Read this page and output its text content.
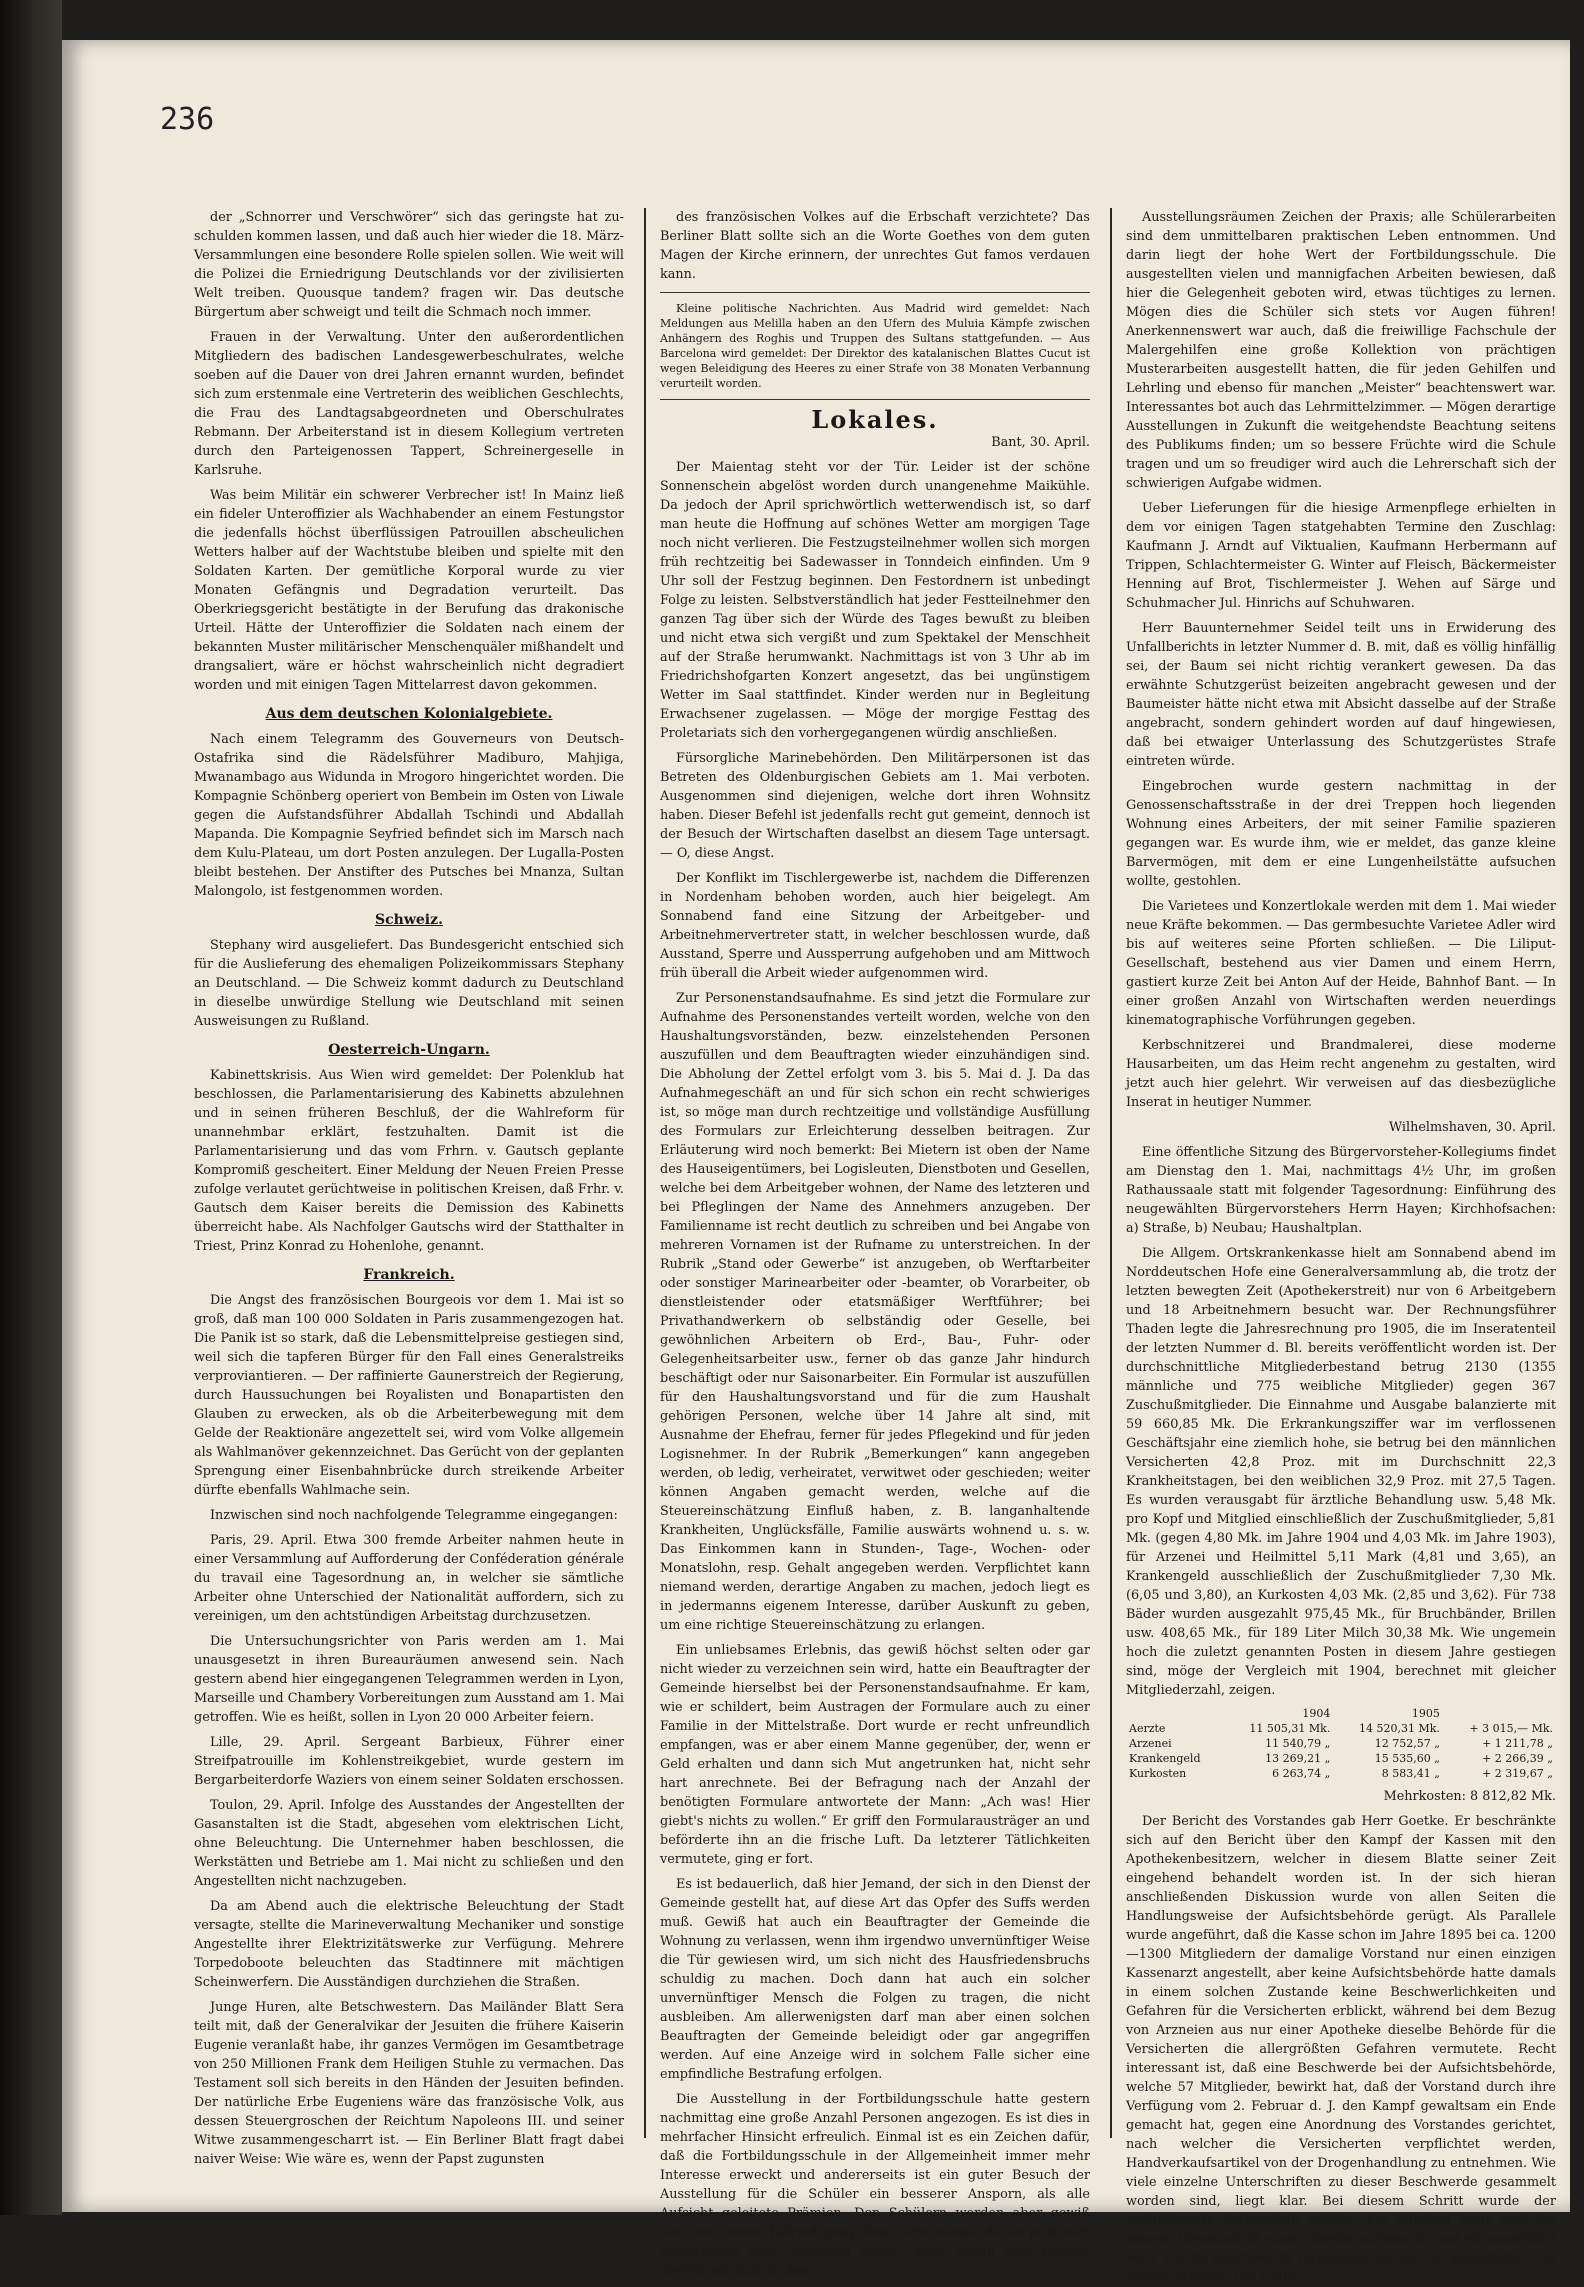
236

der „Schnorrer und Verschwörer“ sich das geringste hat zu-schulden kommen lassen, und daß auch hier wieder die 18. März-Versammlungen eine besondere Rolle spielen sollen. Wie weit will die Polizei die Erniedrigung Deutschlands vor der zivilisierten Welt treiben. Quousque tandem? fragen wir. Das deutsche Bürgertum aber schweigt und teilt die Schmach noch immer.

Frauen in der Verwaltung. Unter den außerordentlichen Mitgliedern des badischen Landesgewerbeschulrates, welche soeben auf die Dauer von drei Jahren ernannt wurden, befindet sich zum erstenmale eine Vertreterin des weiblichen Geschlechts, die Frau des Landtagsabgeordneten und Oberschulrates Rebmann. Der Arbeiterstand ist in diesem Kollegium vertreten durch den Parteigenossen Tappert, Schreinergeselle in Karlsruhe.

Was beim Militär ein schwerer Verbrecher ist! In Mainz ließ ein fideler Unteroffizier als Wachhabender an einem Festungstor die jedenfalls höchst überflüssigen Patrouillen abscheulichen Wetters halber auf der Wachtstube bleiben und spielte mit den Soldaten Karten. Der gemütliche Korporal wurde zu vier Monaten Gefängnis und Degradation verurteilt. Das Oberkriegsgericht bestätigte in der Berufung das drakonische Urteil. Hätte der Unteroffizier die Soldaten nach einem der bekannten Muster militärischer Menschenquäler mißhandelt und drangsaliert, wäre er höchst wahrscheinlich nicht degradiert worden und mit einigen Tagen Mittelarrest davon gekommen.

Aus dem deutschen Kolonialgebiete.

Nach einem Telegramm des Gouverneurs von Deutsch-Ostafrika sind die Rädelsführer Madiburo, Mahjiga, Mwanambago aus Widunda in Mrogoro hingerichtet worden. Die Kompagnie Schönberg operiert von Bembein im Osten von Liwale gegen die Aufstandsführer Abdallah Tschindi und Abdallah Mapanda. Die Kompagnie Seyfried befindet sich im Marsch nach dem Kulu-Plateau, um dort Posten anzulegen. Der Lugalla-Posten bleibt bestehen. Der Anstifter des Putsches bei Mnanza, Sultan Malongolo, ist festgenommen worden.

Schweiz.

Stephany wird ausgeliefert. Das Bundesgericht entschied sich für die Auslieferung des ehemaligen Polizeikommissars Stephany an Deutschland. — Die Schweiz kommt dadurch zu Deutschland in dieselbe unwürdige Stellung wie Deutschland mit seinen Ausweisungen zu Rußland.

Oesterreich-Ungarn.

Kabinettskrisis. Aus Wien wird gemeldet: Der Polenklub hat beschlossen, die Parlamentarisierung des Kabinetts abzulehnen und in seinen früheren Beschluß, der die Wahlreform für unannehmbar erklärt, festzuhalten. Damit ist die Parlamentarisierung und das vom Frhrn. v. Gautsch geplante Kompromiß gescheitert. Einer Meldung der Neuen Freien Presse zufolge verlautet gerüchtweise in politischen Kreisen, daß Frhr. v. Gautsch dem Kaiser bereits die Demission des Kabinetts überreicht habe. Als Nachfolger Gautschs wird der Statthalter in Triest, Prinz Konrad zu Hohenlohe, genannt.

Frankreich.

Die Angst des französischen Bourgeois vor dem 1. Mai ist so groß, daß man 100 000 Soldaten in Paris zusammengezogen hat. Die Panik ist so stark, daß die Lebensmittelpreise gestiegen sind, weil sich die tapferen Bürger für den Fall eines Generalstreiks verproviantieren. — Der raffinierte Gaunerstreich der Regierung, durch Haussuchungen bei Royalisten und Bonapartisten den Glauben zu erwecken, als ob die Arbeiterbewegung mit dem Gelde der Reaktionäre angezettelt sei, wird vom Volke allgemein als Wahlmanöver gekennzeichnet. Das Gerücht von der geplanten Sprengung einer Eisenbahnbrücke durch streikende Arbeiter dürfte ebenfalls Wahlmache sein.

Inzwischen sind noch nachfolgende Telegramme eingegangen:

Paris, 29. April. Etwa 300 fremde Arbeiter nahmen heute in einer Versammlung auf Aufforderung der Conféderation générale du travail eine Tagesordnung an, in welcher sie sämtliche Arbeiter ohne Unterschied der Nationalität auffordern, sich zu vereinigen, um den achtstündigen Arbeitstag durchzusetzen.

Die Untersuchungsrichter von Paris werden am 1. Mai unausgesetzt in ihren Bureauräumen anwesend sein. Nach gestern abend hier eingegangenen Telegrammen werden in Lyon, Marseille und Chambery Vorbereitungen zum Ausstand am 1. Mai getroffen. Wie es heißt, sollen in Lyon 20 000 Arbeiter feiern.

Lille, 29. April. Sergeant Barbieux, Führer einer Streifpatrouille im Kohlenstreikgebiet, wurde gestern im Bergarbeiterdorfe Waziers von einem seiner Soldaten erschossen.

Toulon, 29. April. Infolge des Ausstandes der Angestellten der Gasanstalten ist die Stadt, abgesehen vom elektrischen Licht, ohne Beleuchtung. Die Unternehmer haben beschlossen, die Werkstätten und Betriebe am 1. Mai nicht zu schließen und den Angestellten nicht nachzugeben.

Da am Abend auch die elektrische Beleuchtung der Stadt versagte, stellte die Marineverwaltung Mechaniker und sonstige Angestellte ihrer Elektrizitätswerke zur Verfügung. Mehrere Torpedoboote beleuchten das Stadtinnere mit mächtigen Scheinwerfern. Die Ausständigen durchziehen die Straßen.

Junge Huren, alte Betschwestern. Das Mailänder Blatt Sera teilt mit, daß der Generalvikar der Jesuiten die frühere Kaiserin Eugenie veranlaßt habe, ihr ganzes Vermögen im Gesamtbetrage von 250 Millionen Frank dem Heiligen Stuhle zu vermachen. Das Testament soll sich bereits in den Händen der Jesuiten befinden. Der natürliche Erbe Eugeniens wäre das französische Volk, aus dessen Steuergroschen der Reichtum Napoleons III. und seiner Witwe zusammengescharrt ist. — Ein Berliner Blatt fragt dabei naiver Weise: Wie wäre es, wenn der Papst zugunsten

des französischen Volkes auf die Erbschaft verzichtete? Das Berliner Blatt sollte sich an die Worte Goethes von dem guten Magen der Kirche erinnern, der unrechtes Gut famos verdauen kann.

Kleine politische Nachrichten. Aus Madrid wird gemeldet: Nach Meldungen aus Melilla haben an den Ufern des Muluia Kämpfe zwischen Anhängern des Roghis und Truppen des Sultans stattgefunden. — Aus Barcelona wird gemeldet: Der Direktor des katalanischen Blattes Cucut ist wegen Beleidigung des Heeres zu einer Strafe von 38 Monaten Verbannung verurteilt worden.

Lokales.
Bant, 30. April.

Der Maientag steht vor der Tür. Leider ist der schöne Sonnenschein abgelöst worden durch unangenehme Maikühle. Da jedoch der April sprichwörtlich wetterwendisch ist, so darf man heute die Hoffnung auf schönes Wetter am morgigen Tage noch nicht verlieren. Die Festzugsteilnehmer wollen sich morgen früh rechtzeitig bei Sadewasser in Tonndeich einfinden. Um 9 Uhr soll der Festzug beginnen. Den Festordnern ist unbedingt Folge zu leisten. Selbstverständlich hat jeder Festteilnehmer den ganzen Tag über sich der Würde des Tages bewußt zu bleiben und nicht etwa sich vergißt und zum Spektakel der Menschheit auf der Straße herumwankt. Nachmittags ist von 3 Uhr ab im Friedrichshofgarten Konzert angesetzt, das bei ungünstigem Wetter im Saal stattfindet. Kinder werden nur in Begleitung Erwachsener zugelassen. — Möge der morgige Festtag des Proletariats sich den vorhergegangenen würdig anschließen.

Fürsorgliche Marinebehörden. Den Militärpersonen ist das Betreten des Oldenburgischen Gebiets am 1. Mai verboten. Ausgenommen sind diejenigen, welche dort ihren Wohnsitz haben. Dieser Befehl ist jedenfalls recht gut gemeint, dennoch ist der Besuch der Wirtschaften daselbst an diesem Tage untersagt. — O, diese Angst.

Der Konflikt im Tischlergewerbe ist, nachdem die Differenzen in Nordenham behoben worden, auch hier beigelegt. Am Sonnabend fand eine Sitzung der Arbeitgeber- und Arbeitnehmervertreter statt, in welcher beschlossen wurde, daß Ausstand, Sperre und Aussperrung aufgehoben und am Mittwoch früh überall die Arbeit wieder aufgenommen wird.

Zur Personenstandsaufnahme. Es sind jetzt die Formulare zur Aufnahme des Personenstandes verteilt worden, welche von den Haushaltungsvorständen, bezw. einzelstehenden Personen auszufüllen und dem Beauftragten wieder einzuhändigen sind. Die Abholung der Zettel erfolgt vom 3. bis 5. Mai d. J. Da das Aufnahmegeschäft an und für sich schon ein recht schwieriges ist, so möge man durch rechtzeitige und vollständige Ausfüllung des Formulars zur Erleichterung desselben beitragen. Zur Erläuterung wird noch bemerkt: Bei Mietern ist oben der Name des Hauseigentümers, bei Logisleuten, Dienstboten und Gesellen, welche bei dem Arbeitgeber wohnen, der Name des letzteren und bei Pfleglingen der Name des Annehmers anzugeben. Der Familienname ist recht deutlich zu schreiben und bei Angabe von mehreren Vornamen ist der Rufname zu unterstreichen. In der Rubrik „Stand oder Gewerbe“ ist anzugeben, ob Werftarbeiter oder sonstiger Marinearbeiter oder -beamter, ob Vorarbeiter, ob dienstleistender oder etatsmäßiger Werftführer; bei Privathandwerkern ob selbständig oder Geselle, bei gewöhnlichen Arbeitern ob Erd-, Bau-, Fuhr- oder Gelegenheitsarbeiter usw., ferner ob das ganze Jahr hindurch beschäftigt oder nur Saisonarbeiter. Ein Formular ist auszufüllen für den Haushaltungsvorstand und für die zum Haushalt gehörigen Personen, welche über 14 Jahre alt sind, mit Ausnahme der Ehefrau, ferner für jedes Pflegekind und für jeden Logisnehmer. In der Rubrik „Bemerkungen“ kann angegeben werden, ob ledig, verheiratet, verwitwet oder geschieden; weiter können Angaben gemacht werden, welche auf die Steuereinschätzung Einfluß haben, z. B. langanhaltende Krankheiten, Unglücksfälle, Familie auswärts wohnend u. s. w. Das Einkommen kann in Stunden-, Tage-, Wochen- oder Monatslohn, resp. Gehalt angegeben werden. Verpflichtet kann niemand werden, derartige Angaben zu machen, jedoch liegt es in jedermanns eigenem Interesse, darüber Auskunft zu geben, um eine richtige Steuereinschätzung zu erlangen.

Ein unliebsames Erlebnis, das gewiß höchst selten oder gar nicht wieder zu verzeichnen sein wird, hatte ein Beauftragter der Gemeinde hierselbst bei der Personenstandsaufnahme. Er kam, wie er schildert, beim Austragen der Formulare auch zu einer Familie in der Mittelstraße. Dort wurde er recht unfreundlich empfangen, was er aber einem Manne gegenüber, der, wenn er Geld erhalten und dann sich Mut angetrunken hat, nicht sehr hart anrechnete. Bei der Befragung nach der Anzahl der benötigten Formulare antwortete der Mann: „Ach was! Hier giebt's nichts zu wollen.“ Er griff den Formularausträger an und beförderte ihn an die frische Luft. Da letzterer Tätlichkeiten vermutete, ging er fort.

Es ist bedauerlich, daß hier Jemand, der sich in den Dienst der Gemeinde gestellt hat, auf diese Art das Opfer des Suffs werden muß. Gewiß hat auch ein Beauftragter der Gemeinde die Wohnung zu verlassen, wenn ihm irgendwo unvernünftiger Weise die Tür gewiesen wird, um sich nicht des Hausfriedensbruchs schuldig zu machen. Doch dann hat auch ein solcher unvernünftiger Mensch die Folgen zu tragen, die nicht ausbleiben. Am allerwenigsten darf man aber einen solchen Beauftragten der Gemeinde beleidigt oder gar angegriffen werden. Auf eine Anzeige wird in solchem Falle sicher eine empfindliche Bestrafung erfolgen.

Die Ausstellung in der Fortbildungsschule hatte gestern nachmittag eine große Anzahl Personen angezogen. Es ist dies in mehrfacher Hinsicht erfreulich. Einmal ist es ein Zeichen dafür, daß die Fortbildungsschule in der Allgemeinheit immer mehr Interesse erweckt und andererseits ist ein guter Besuch der Ausstellung für die Schüler ein besserer Ansporn, als alle Aufsicht geleitete Prämien. Den Schülern werden aber gewiß auch mit immer Befriedigung diese Schulräume, die so praktisch eingerichtet sind, verlassen haben, denn wohin man blickte, überall sah man in den

Ausstellungsräumen Zeichen der Praxis; alle Schülerarbeiten sind dem unmittelbaren praktischen Leben entnommen. Und darin liegt der hohe Wert der Fortbildungsschule. Die ausgestellten vielen und mannigfachen Arbeiten bewiesen, daß hier die Gelegenheit geboten wird, etwas tüchtiges zu lernen. Mögen dies die Schüler sich stets vor Augen führen! Anerkennenswert war auch, daß die freiwillige Fachschule der Malergehilfen eine große Kollektion von prächtigen Musterarbeiten ausgestellt hatten, die für jeden Gehilfen und Lehrling und ebenso für manchen „Meister“ beachtenswert war. Interessantes bot auch das Lehrmittelzimmer. — Mögen derartige Ausstellungen in Zukunft die weitgehendste Beachtung seitens des Publikums finden; um so bessere Früchte wird die Schule tragen und um so freudiger wird auch die Lehrerschaft sich der schwierigen Aufgabe widmen.

Ueber Lieferungen für die hiesige Armenpflege erhielten in dem vor einigen Tagen statgehabten Termine den Zuschlag: Kaufmann J. Arndt auf Viktualien, Kaufmann Herbermann auf Trippen, Schlachtermeister G. Winter auf Fleisch, Bäckermeister Henning auf Brot, Tischlermeister J. Wehen auf Särge und Schuhmacher Jul. Hinrichs auf Schuhwaren.

Herr Bauunternehmer Seidel teilt uns in Erwiderung des Unfallberichts in letzter Nummer d. B. mit, daß es völlig hinfällig sei, der Baum sei nicht richtig verankert gewesen. Da das erwähnte Schutzgerüst beizeiten angebracht gewesen und der Baumeister hätte nicht etwa mit Absicht dasselbe auf der Straße angebracht, sondern gehindert worden auf dauf hingewiesen, daß bei etwaiger Unterlassung des Schutzgerüstes Strafe eintreten würde.

Eingebrochen wurde gestern nachmittag in der Genossenschaftsstraße in der drei Treppen hoch liegenden Wohnung eines Arbeiters, der mit seiner Familie spazieren gegangen war. Es wurde ihm, wie er meldet, das ganze kleine Barvermögen, mit dem er eine Lungenheilstätte aufsuchen wollte, gestohlen.

Die Varietees und Konzertlokale werden mit dem 1. Mai wieder neue Kräfte bekommen. — Das germbesuchte Varietee Adler wird bis auf weiteres seine Pforten schließen. — Die Liliput-Gesellschaft, bestehend aus vier Damen und einem Herrn, gastiert kurze Zeit bei Anton Auf der Heide, Bahnhof Bant. — In einer großen Anzahl von Wirtschaften werden neuerdings kinematographische Vorführungen gegeben.

Kerbschnitzerei und Brandmalerei, diese moderne Hausarbeiten, um das Heim recht angenehm zu gestalten, wird jetzt auch hier gelehrt. Wir verweisen auf das diesbezügliche Inserat in heutiger Nummer.

Wilhelmshaven, 30. April.

Eine öffentliche Sitzung des Bürgervorsteher-Kollegiums findet am Dienstag den 1. Mai, nachmittags 4½ Uhr, im großen Rathaussaale statt mit folgender Tagesordnung: Einführung des neugewählten Bürgervorstehers Herrn Hayen; Kirchhofsachen: a) Straße, b) Neubau; Haushaltplan.

Die Allgem. Ortskrankenkasse hielt am Sonnabend abend im Norddeutschen Hofe eine Generalversammlung ab, die trotz der letzten bewegten Zeit (Apothekerstreit) nur von 6 Arbeitgebern und 18 Arbeitnehmern besucht war. Der Rechnungsführer Thaden legte die Jahresrechnung pro 1905, die im Inseratenteil der letzten Nummer d. Bl. bereits veröffentlicht worden ist. Der durchschnittliche Mitgliederbestand betrug 2130 (1355 männliche und 775 weibliche Mitglieder) gegen 367 Zuschußmitglieder. Die Einnahme und Ausgabe balanzierte mit 59 660,85 Mk. Die Erkrankungsziffer war im verflossenen Geschäftsjahr eine ziemlich hohe, sie betrug bei den männlichen Versicherten 42,8 Proz. mit im Durchschnitt 22,3 Krankheitstagen, bei den weiblichen 32,9 Proz. mit 27,5 Tagen. Es wurden verausgabt für ärztliche Behandlung usw. 5,48 Mk. pro Kopf und Mitglied einschließlich der Zuschußmitglieder, 5,81 Mk. (gegen 4,80 Mk. im Jahre 1904 und 4,03 Mk. im Jahre 1903), für Arzenei und Heilmittel 5,11 Mark (4,81 und 3,65), an Krankengeld ausschließlich der Zuschußmitglieder 7,30 Mk. (6,05 und 3,80), an Kurkosten 4,03 Mk. (2,85 und 3,62). Für 738 Bäder wurden ausgezahlt 975,45 Mk., für Bruchbänder, Brillen usw. 408,65 Mk., für 189 Liter Milch 30,38 Mk. Wie ungemein hoch die zuletzt genannten Posten in diesem Jahre gestiegen sind, möge der Vergleich mit 1904, berechnet mit gleicher Mitgliederzahl, zeigen.

	1904	1905	
Aerzte	11 505,31 Mk.	14 520,31 Mk.	+ 3 015,— Mk.
Arzenei	11 540,79 „	12 752,57 „	+ 1 211,78 „
Krankengeld	13 269,21 „	15 535,60 „	+ 2 266,39 „
Kurkosten	6 263,74 „	8 583,41 „	+ 2 319,67 „
Mehrkosten: 8 812,82 Mk.

Der Bericht des Vorstandes gab Herr Goetke. Er beschränkte sich auf den Bericht über den Kampf der Kassen mit den Apothekenbesitzern, welcher in diesem Blatte seiner Zeit eingehend behandelt worden ist. In der sich hieran anschließenden Diskussion wurde von allen Seiten die Handlungsweise der Aufsichtsbehörde gerügt. Als Parallele wurde angeführt, daß die Kasse schon im Jahre 1895 bei ca. 1200—1300 Mitgliedern der damalige Vorstand nur einen einzigen Kassenarzt angestellt, aber keine Aufsichtsbehörde hatte damals in einem solchen Zustande keine Beschwerlichkeiten und Gefahren für die Versicherten erblickt, während bei dem Bezug von Arzneien aus nur einer Apotheke dieselbe Behörde für die Versicherten die allergrößten Gefahren vermutete. Recht interessant ist, daß eine Beschwerde bei der Aufsichtsbehörde, welche 57 Mitglieder, bewirkt hat, daß der Vorstand durch ihre Verfügung vom 2. Februar d. J. den Kampf gewaltsam ein Ende gemacht hat, gegen eine Anordnung des Vorstandes gerichtet, nach welcher die Versicherten verpflichtet werden, Handverkaufsartikel von der Drogenhandlung zu entnehmen. Wie viele einzelne Unterschriften zu dieser Beschwerde gesammelt worden sind, liegt klar. Bei diesem Schritt wurde der nachfolgende Sachverhalt erklärt: Ein Mitglied hatte sich bei seinem Dienstantritt einen abends aufgesucht und ist ausgeführt wird. Da die Beschwerde vorgelesen, um die sie aufgefordert, zu unterschreiben. Die Unter-
